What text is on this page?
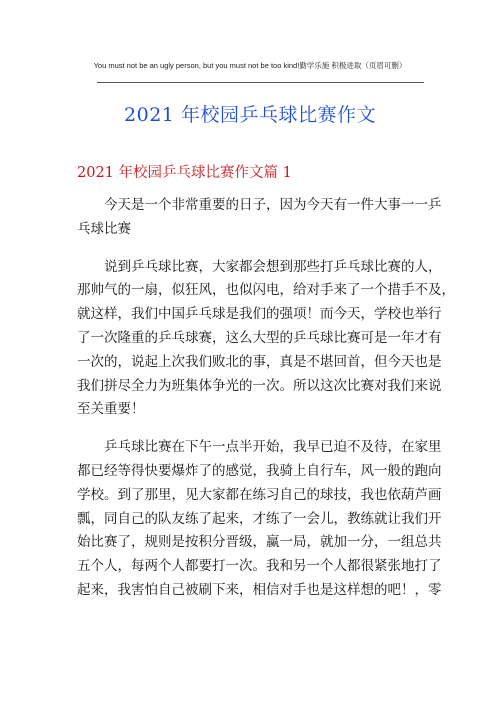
You must not be an ugly person, but you must not be too kind!勤学乐施 积极进取（页眉可删）
2021 年校园乒乓球比赛作文
2021 年校园乒乓球比赛作文篇 1

今天是一个非常重要的日子，因为今天有一件大事一一乒
乓球比赛

说到乒乓球比赛，大家都会想到那些打乒乓球比赛的人，
那帅气的一扇，似狂风，也似闪电，给对手来了一个措手不及，
就这样，我们中国乒乓球是我们的强项！而今天，学校也举行
了一次隆重的乒乓球赛，这么大型的乒乓球比赛可是一年才有
一次的，说起上次我们败北的事，真是不堪回首，但今天也是
我们拼尽全力为班集体争光的一次。所以这次比赛对我们来说
至关重要！

乒乓球比赛在下午一点半开始，我早已迫不及待，在家里
都已经等得快要爆炸了的感觉，我骑上自行车，风一般的跑向
学校。到了那里，见大家都在练习自己的球技，我也依葫芦画
瓢，同自己的队友练了起来，才练了一会儿，教练就让我们开
始比赛了，规则是按积分晋级，赢一局，就加一分，一组总共
五个人，每两个人都要打一次。我和另一个人都很紧张地打了
起来，我害怕自己被刷下来，相信对手也是这样想的吧！，零
